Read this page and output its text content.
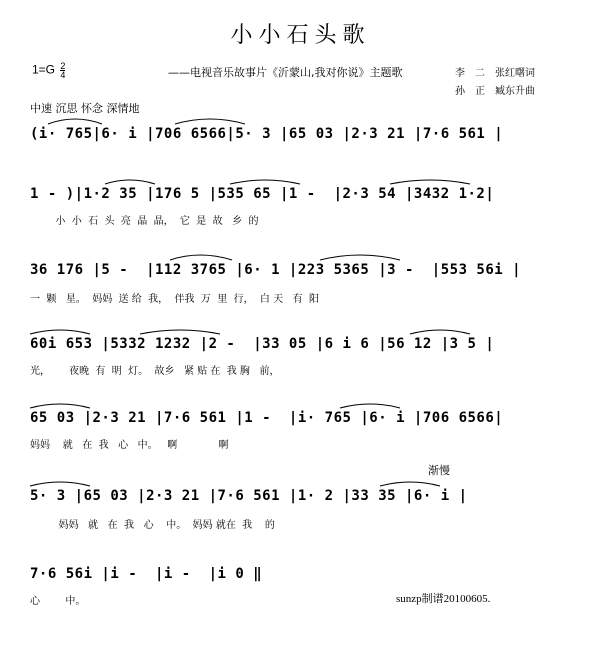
小小石头歌
$1=G \frac{2}{4}$	——电视音乐故事片《沂蒙山,我对你说》主题歌	李　二　张红曙词
孙　正　臧东升曲
中速 沉思 怀念 深情地
(i· 765|6· i |706 6566|5· 3 |65 03 |2·3 21 |7·6 561 |
1 - )|1·2 35 |176 5 |535 65 |1 -  |2·3 54 |3432 1·2|
小  小  石  头  亮  晶  晶，  它  是  故   乡  的
36 176 |5 -  |112 3765 |6· 1 |223 5365 |3 -  |553 56i |
一  颗   星。  妈妈  送 给  我，  伴我  万  里  行，  白 天   有  阳
60i 653 |5332 1232 |2 -  |33 05 |6 i 6 |56 12 |3 5 |
光，      夜晚  有  明  灯。  故乡   紧 贴 在  我 胸   前，
65 03 |2·3 21 |7·6 561 |1 -  |i· 765 |6· i |706 6566|
妈妈    就   在  我   心   中。   啊             啊
渐慢
5· 3 |65 03 |2·3 21 |7·6 561 |1· 2 |33 35 |6· i |
妈妈   就   在  我   心    中。  妈妈 就在  我    的
7·6 56i |i -  |i -  |i 0 ‖
心        中。	sunzp制谱20100605.
